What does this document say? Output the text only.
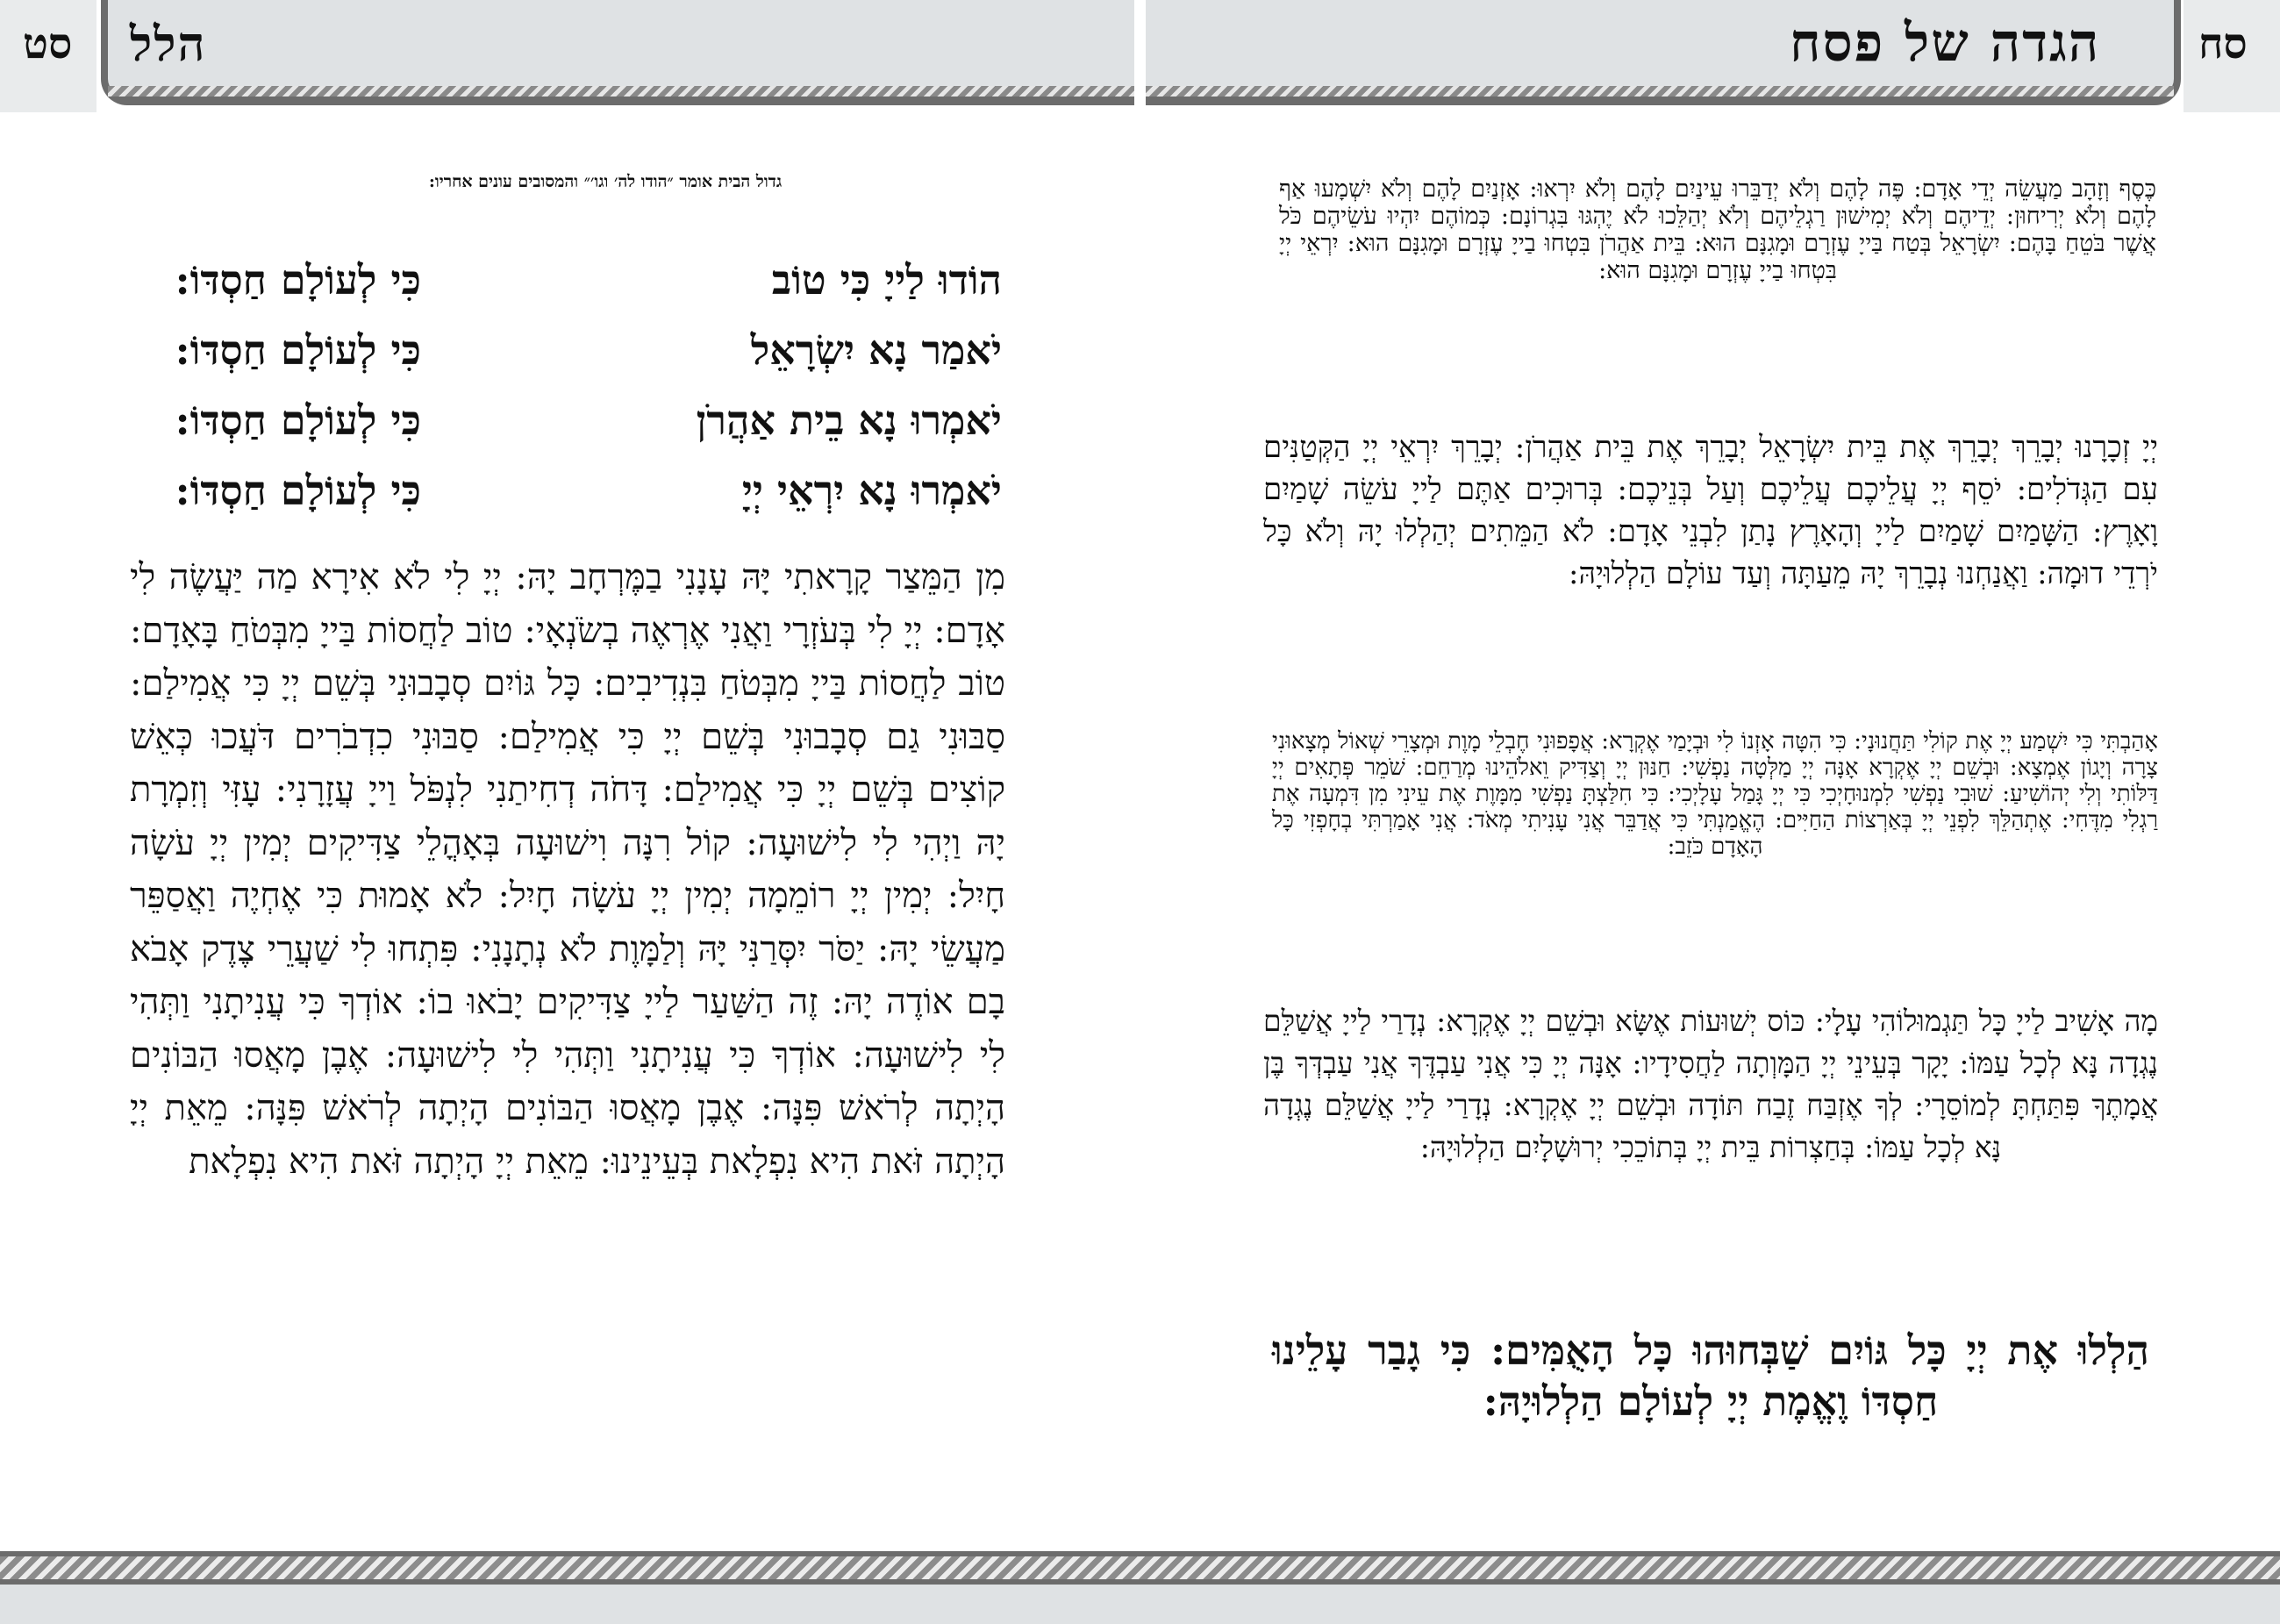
סט הלל	הגדה של פסח סח
כֶּסֶף וְזָהָב מַעֲשֵׂה יְדֵי אָדָם: פֶּה לָהֶם וְלֹא יְדַבֵּרוּ עֵינַיִם לָהֶם וְלֹא יִרְאוּ: אָזְנַיִם לָהֶם וְלֹא יִשְׁמָעוּ אַף לָהֶם וְלֹא יְרִיחוּן: יְדֵיהֶם וְלֹא יְמִישׁוּן רַגְלֵיהֶם וְלֹא יְהַלֵּכוּ לֹא יֶהְגּוּ בִּגְרוֹנָם: כְּמוֹהֶם יִהְיוּ עֹשֵׂיהֶם כֹּל אֲשֶׁר בֹּטֵחַ בָּהֶם: יִשְׂרָאֵל בְּטַח בַּייָ עֶזְרָם וּמָגִנָּם הוּא: בֵּית אַהֲרֹן בִּטְחוּ בַייָ עֶזְרָם וּמָגִנָּם הוּא: יִרְאֵי יְיָ בִּטְחוּ בַייָ עֶזְרָם וּמָגִנָּם הוּא:
יְיָ זְכָרָנוּ יְבָרֵךְ יְבָרֵךְ אֶת בֵּית יִשְׂרָאֵל יְבָרֵךְ אֶת בֵּית אַהֲרֹן: יְבָרֵךְ יִרְאֵי יְיָ הַקְּטַנִּים עִם הַגְּדֹלִים: יֹסֵף יְיָ עֲלֵיכֶם עֲלֵיכֶם וְעַל בְּנֵיכֶם: בְּרוּכִים אַתֶּם לַייָ עֹשֵׂה שָׁמַיִם וָאָרֶץ: הַשָּׁמַיִם שָׁמַיִם לַייָ וְהָאָרֶץ נָתַן לִבְנֵי אָדָם: לֹא הַמֵּתִים יְהַלְלוּ יָהּ וְלֹא כָּל יֹרְדֵי דוּמָה: וַאֲנַחְנוּ נְבָרֵךְ יָהּ מֵעַתָּה וְעַד עוֹלָם הַלְלוּיָהּ:
אָהַבְתִּי כִּי יִשְׁמַע יְיָ אֶת קוֹלִי תַּחֲנוּנָי: כִּי הִטָּה אָזְנוֹ לִי וּבְיָמַי אֶקְרָא: אֲפָפוּנִי חֶבְלֵי מָוֶת וּמְצָרֵי שְׁאוֹל מְצָאוּנִי צָרָה וְיָגוֹן אֶמְצָא: וּבְשֵׁם יְיָ אֶקְרָא אָנָּה יְיָ מַלְּטָה נַפְשִׁי: חַנּוּן יְיָ וְצַדִּיק וֵאלֹהֵינוּ מְרַחֵם: שֹׁמֵר פְּתָאִים יְיָ דַּלּוֹתִי וְלִי יְהוֹשִׁיעַ: שׁוּבִי נַפְשִׁי לִמְנוּחָיְכִי כִּי יְיָ גָּמַל עָלָיְכִי: כִּי חִלַּצְתָּ נַפְשִׁי מִמָּוֶת אֶת עֵינִי מִן דִּמְעָה אֶת רַגְלִי מִדֶּחִי: אֶתְהַלֵּךְ לִפְנֵי יְיָ בְּאַרְצוֹת הַחַיִּים: הֶאֱמַנְתִּי כִּי אֲדַבֵּר אֲנִי עָנִיתִי מְאֹד: אֲנִי אָמַרְתִּי בְחָפְזִי כָּל הָאָדָם כֹּזֵב:
מָה אָשִׁיב לַייָ כָּל תַּגְמוּלוֹהִי עָלָי: כּוֹס יְשׁוּעוֹת אֶשָּׂא וּבְשֵׁם יְיָ אֶקְרָא: נְדָרַי לַייָ אֲשַׁלֵּם נֶגְדָה נָּא לְכָל עַמּוֹ: יָקָר בְּעֵינֵי יְיָ הַמָּוְתָה לַחֲסִידָיו: אָנָּה יְיָ כִּי אֲנִי עַבְדֶּךָ אֲנִי עַבְדְּךָ בֶּן אֲמָתֶךָ פִּתַּחְתָּ לְמוֹסֵרָי: לְךָ אֶזְבַּח זֶבַח תּוֹדָה וּבְשֵׁם יְיָ אֶקְרָא: נְדָרַי לַייָ אֲשַׁלֵּם נֶגְדָה נָּא לְכָל עַמּוֹ: בְּחַצְרוֹת בֵּית יְיָ בְּתוֹכֵכִי יְרוּשָׁלָיִם הַלְלוּיָהּ:
הַלְלוּ אֶת יְיָ כָּל גּוֹיִם שַׁבְּחוּהוּ כָּל הָאֻמִּים: כִּי גָבַר עָלֵינוּ חַסְדּוֹ וֶאֱמֶת יְיָ לְעוֹלָם הַלְלוּיָהּ:
גדול הבית אומר ״הודו לה׳ וגו׳״ והמסובים עונים אחריו:
הוֹדוּ לַייָ כִּי טוֹב
כִּי לְעוֹלָם חַסְדּוֹ:
יֹאמַר נָא יִשְׂרָאֵל
כִּי לְעוֹלָם חַסְדּוֹ:
יֹאמְרוּ נָא בֵית אַהֲרֹן
כִּי לְעוֹלָם חַסְדּוֹ:
יֹאמְרוּ נָא יִרְאֵי יְיָ
כִּי לְעוֹלָם חַסְדּוֹ:
מִן הַמֵּצַר קָרָאתִי יָּהּ עָנָנִי בַמֶּרְחָב יָהּ: יְיָ לִי לֹא אִירָא מַה יַּעֲשֶׂה לִי אָדָם: יְיָ לִי בְּעֹזְרָי וַאֲנִי אֶרְאֶה בְשֹׂנְאָי: טוֹב לַחֲסוֹת בַּייָ מִבְּטֹחַ בָּאָדָם: טוֹב לַחֲסוֹת בַּייָ מִבְּטֹחַ בִּנְדִיבִים: כָּל גּוֹיִם סְבָבוּנִי בְּשֵׁם יְיָ כִּי אֲמִילַם: סַבּוּנִי גַם סְבָבוּנִי בְּשֵׁם יְיָ כִּי אֲמִילַם: סַבּוּנִי כִדְבֹרִים דֹּעֲכוּ כְּאֵשׁ קוֹצִים בְּשֵׁם יְיָ כִּי אֲמִילַם: דָּחֹה דְחִיתַנִי לִנְפֹּל וַייָ עֲזָרָנִי: עָזִּי וְזִמְרָת יָהּ וַיְהִי לִי לִישׁוּעָה: קוֹל רִנָּה וִישׁוּעָה בְּאָהֳלֵי צַדִּיקִים יְמִין יְיָ עֹשָׂה חָיִל: יְמִין יְיָ רוֹמֵמָה יְמִין יְיָ עֹשָׂה חָיִל: לֹא אָמוּת כִּי אֶחְיֶה וַאֲסַפֵּר מַעֲשֵׂי יָהּ: יַסֹּר יִסְּרַנִּי יָּהּ וְלַמָּוֶת לֹא נְתָנָנִי: פִּתְחוּ לִי שַׁעֲרֵי צֶדֶק אָבֹא בָם אוֹדֶה יָהּ: זֶה הַשַּׁעַר לַייָ צַדִּיקִים יָבֹאוּ בוֹ: אוֹדְךָ כִּי עֲנִיתָנִי וַתְּהִי לִי לִישׁוּעָה: אוֹדְךָ כִּי עֲנִיתָנִי וַתְּהִי לִי לִישׁוּעָה: אֶבֶן מָאֲסוּ הַבּוֹנִים הָיְתָה לְרֹאשׁ פִּנָּה: אֶבֶן מָאֲסוּ הַבּוֹנִים הָיְתָה לְרֹאשׁ פִּנָּה: מֵאֵת יְיָ הָיְתָה זֹּאת הִיא נִפְלָאת בְּעֵינֵינוּ: מֵאֵת יְיָ הָיְתָה זֹּאת הִיא נִפְלָאת
